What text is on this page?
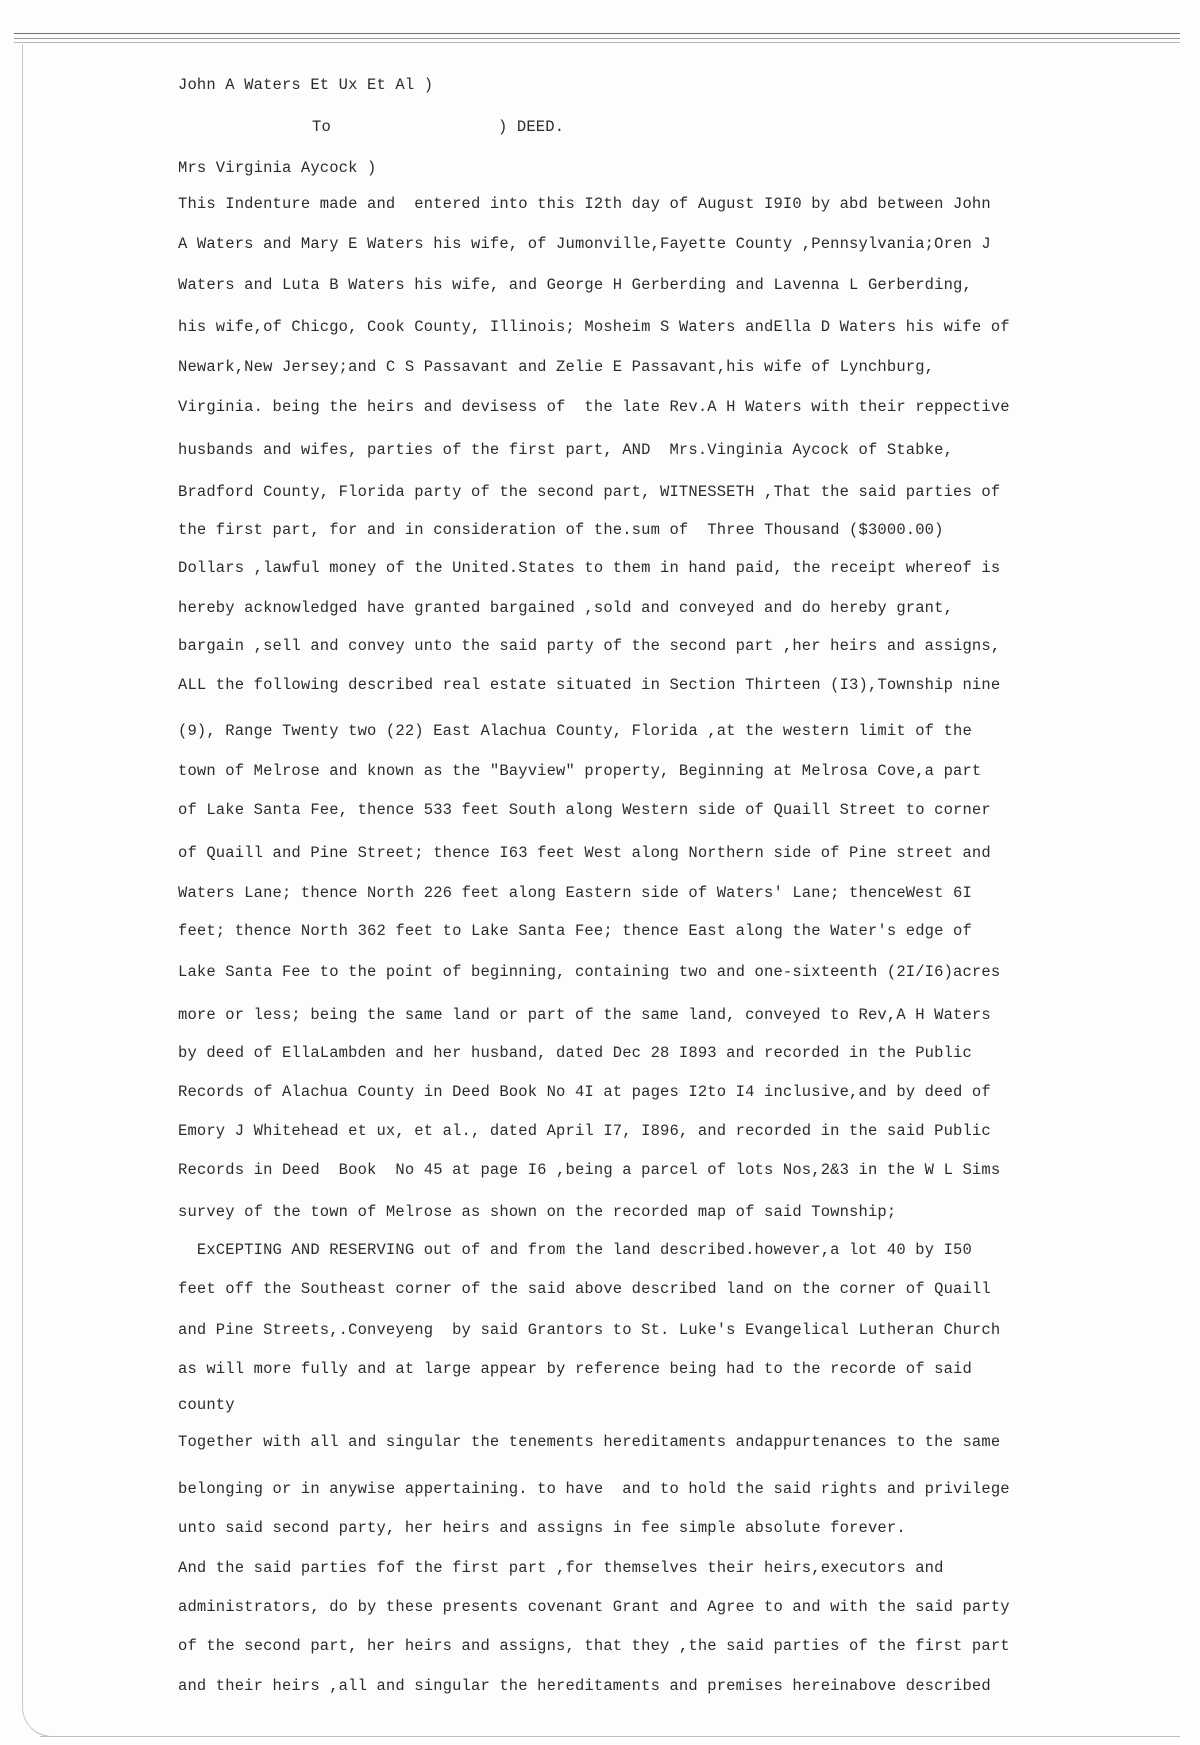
John A Waters Et Ux Et Al )
To	) DEED.
Mrs Virginia Aycock )
This Indenture made and  entered into this I2th day of August I9I0 by abd between John
A Waters and Mary E Waters his wife, of Jumonville,Fayette County ,Pennsylvania;Oren J
Waters and Luta B Waters his wife, and George H Gerberding and Lavenna L Gerberding,
his wife,of Chicgo, Cook County, Illinois; Mosheim S Waters andElla D Waters his wife of
Newark,New Jersey;and C S Passavant and Zelie E Passavant,his wife of Lynchburg,
Virginia. being the heirs and devisess of  the late Rev.A H Waters with their reppective
husbands and wifes, parties of the first part, AND  Mrs.Vinginia Aycock of Stabke,
Bradford County, Florida party of the second part, WITNESSETH ,That the said parties of
the first part, for and in consideration of the.sum of  Three Thousand ($3000.00)
Dollars ,lawful money of the United.States to them in hand paid, the receipt whereof is
hereby acknowledged have granted bargained ,sold and conveyed and do hereby grant,
bargain ,sell and convey unto the said party of the second part ,her heirs and assigns,
ALL the following described real estate situated in Section Thirteen (I3),Township nine
(9), Range Twenty two (22) East Alachua County, Florida ,at the western limit of the
town of Melrose and known as the "Bayview" property, Beginning at Melrosa Cove,a part
of Lake Santa Fee, thence 533 feet South along Western side of Quaill Street to corner
of Quaill and Pine Street; thence I63 feet West along Northern side of Pine street and
Waters Lane; thence North 226 feet along Eastern side of Waters' Lane; thenceWest 6I
feet; thence North 362 feet to Lake Santa Fee; thence East along the Water's edge of
Lake Santa Fee to the point of beginning, containing two and one-sixteenth (2I/I6)acres
more or less; being the same land or part of the same land, conveyed to Rev,A H Waters
by deed of EllaLambden and her husband, dated Dec 28 I893 and recorded in the Public
Records of Alachua County in Deed Book No 4I at pages I2to I4 inclusive,and by deed of
Emory J Whitehead et ux, et al., dated April I7, I896, and recorded in the said Public
Records in Deed  Book  No 45 at page I6 ,being a parcel of lots Nos,2&3 in the W L Sims
survey of the town of Melrose as shown on the recorded map of said Township;
ExCEPTING AND RESERVING out of and from the land described.however,a lot 40 by I50
feet off the Southeast corner of the said above described land on the corner of Quaill
and Pine Streets,.Conveyeng  by said Grantors to St. Luke's Evangelical Lutheran Church
as will more fully and at large appear by reference being had to the recorde of said
county
Together with all and singular the tenements hereditaments andappurtenances to the same
belonging or in anywise appertaining. to have  and to hold the said rights and privilege
unto said second party, her heirs and assigns in fee simple absolute forever.
And the said parties fof the first part ,for themselves their heirs,executors and
administrators, do by these presents covenant Grant and Agree to and with the said party
of the second part, her heirs and assigns, that they ,the said parties of the first part
and their heirs ,all and singular the hereditaments and premises hereinabove described
